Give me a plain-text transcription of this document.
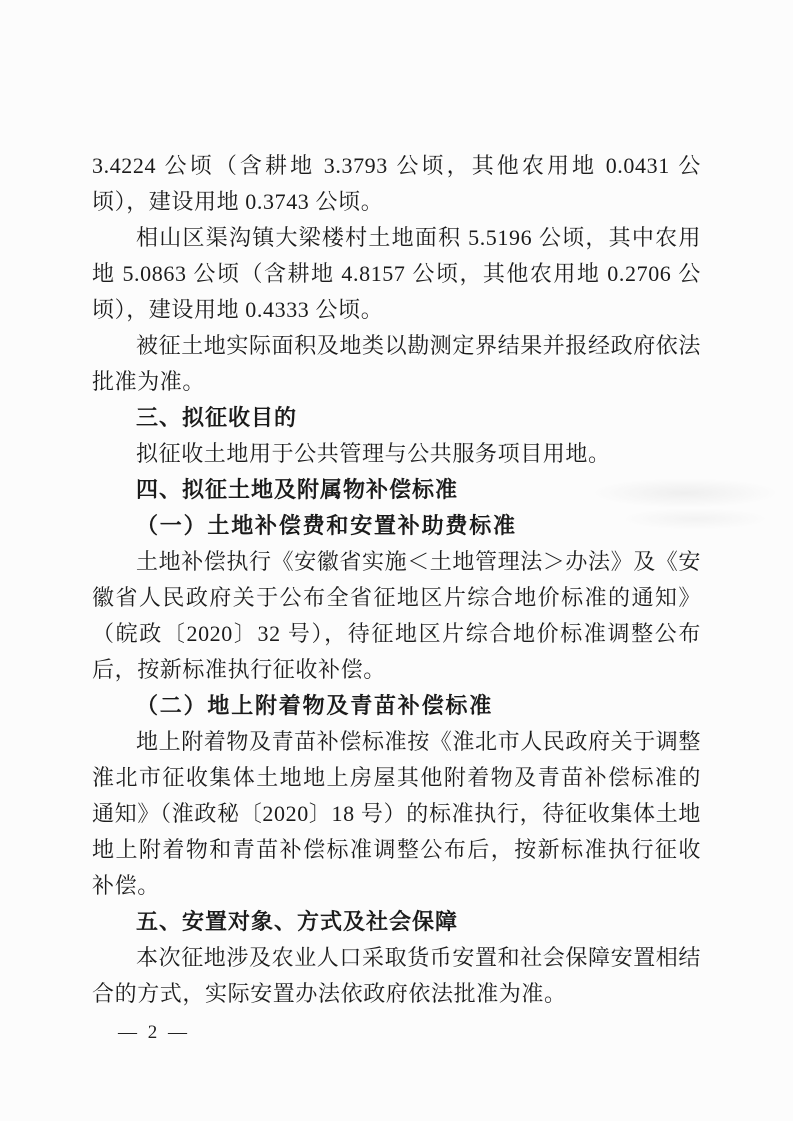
3.4224 公顷（含耕地 3.3793 公顷，其他农用地 0.0431 公顷），建设用地 0.3743 公顷。

相山区渠沟镇大梁楼村土地面积 5.5196 公顷，其中农用地 5.0863 公顷（含耕地 4.8157 公顷，其他农用地 0.2706 公顷），建设用地 0.4333 公顷。

被征土地实际面积及地类以勘测定界结果并报经政府依法批准为准。

三、拟征收目的

拟征收土地用于公共管理与公共服务项目用地。

四、拟征土地及附属物补偿标准

（一）土地补偿费和安置补助费标准

土地补偿执行《安徽省实施＜土地管理法＞办法》及《安徽省人民政府关于公布全省征地区片综合地价标准的通知》（皖政〔2020〕32 号），待征地区片综合地价标准调整公布后，按新标准执行征收补偿。

（二）地上附着物及青苗补偿标准

地上附着物及青苗补偿标准按《淮北市人民政府关于调整淮北市征收集体土地地上房屋其他附着物及青苗补偿标准的通知》（淮政秘〔2020〕18 号）的标准执行，待征收集体土地地上附着物和青苗补偿标准调整公布后，按新标准执行征收补偿。

五、安置对象、方式及社会保障

本次征地涉及农业人口采取货币安置和社会保障安置相结合的方式，实际安置办法依政府依法批准为准。

— 2 —
